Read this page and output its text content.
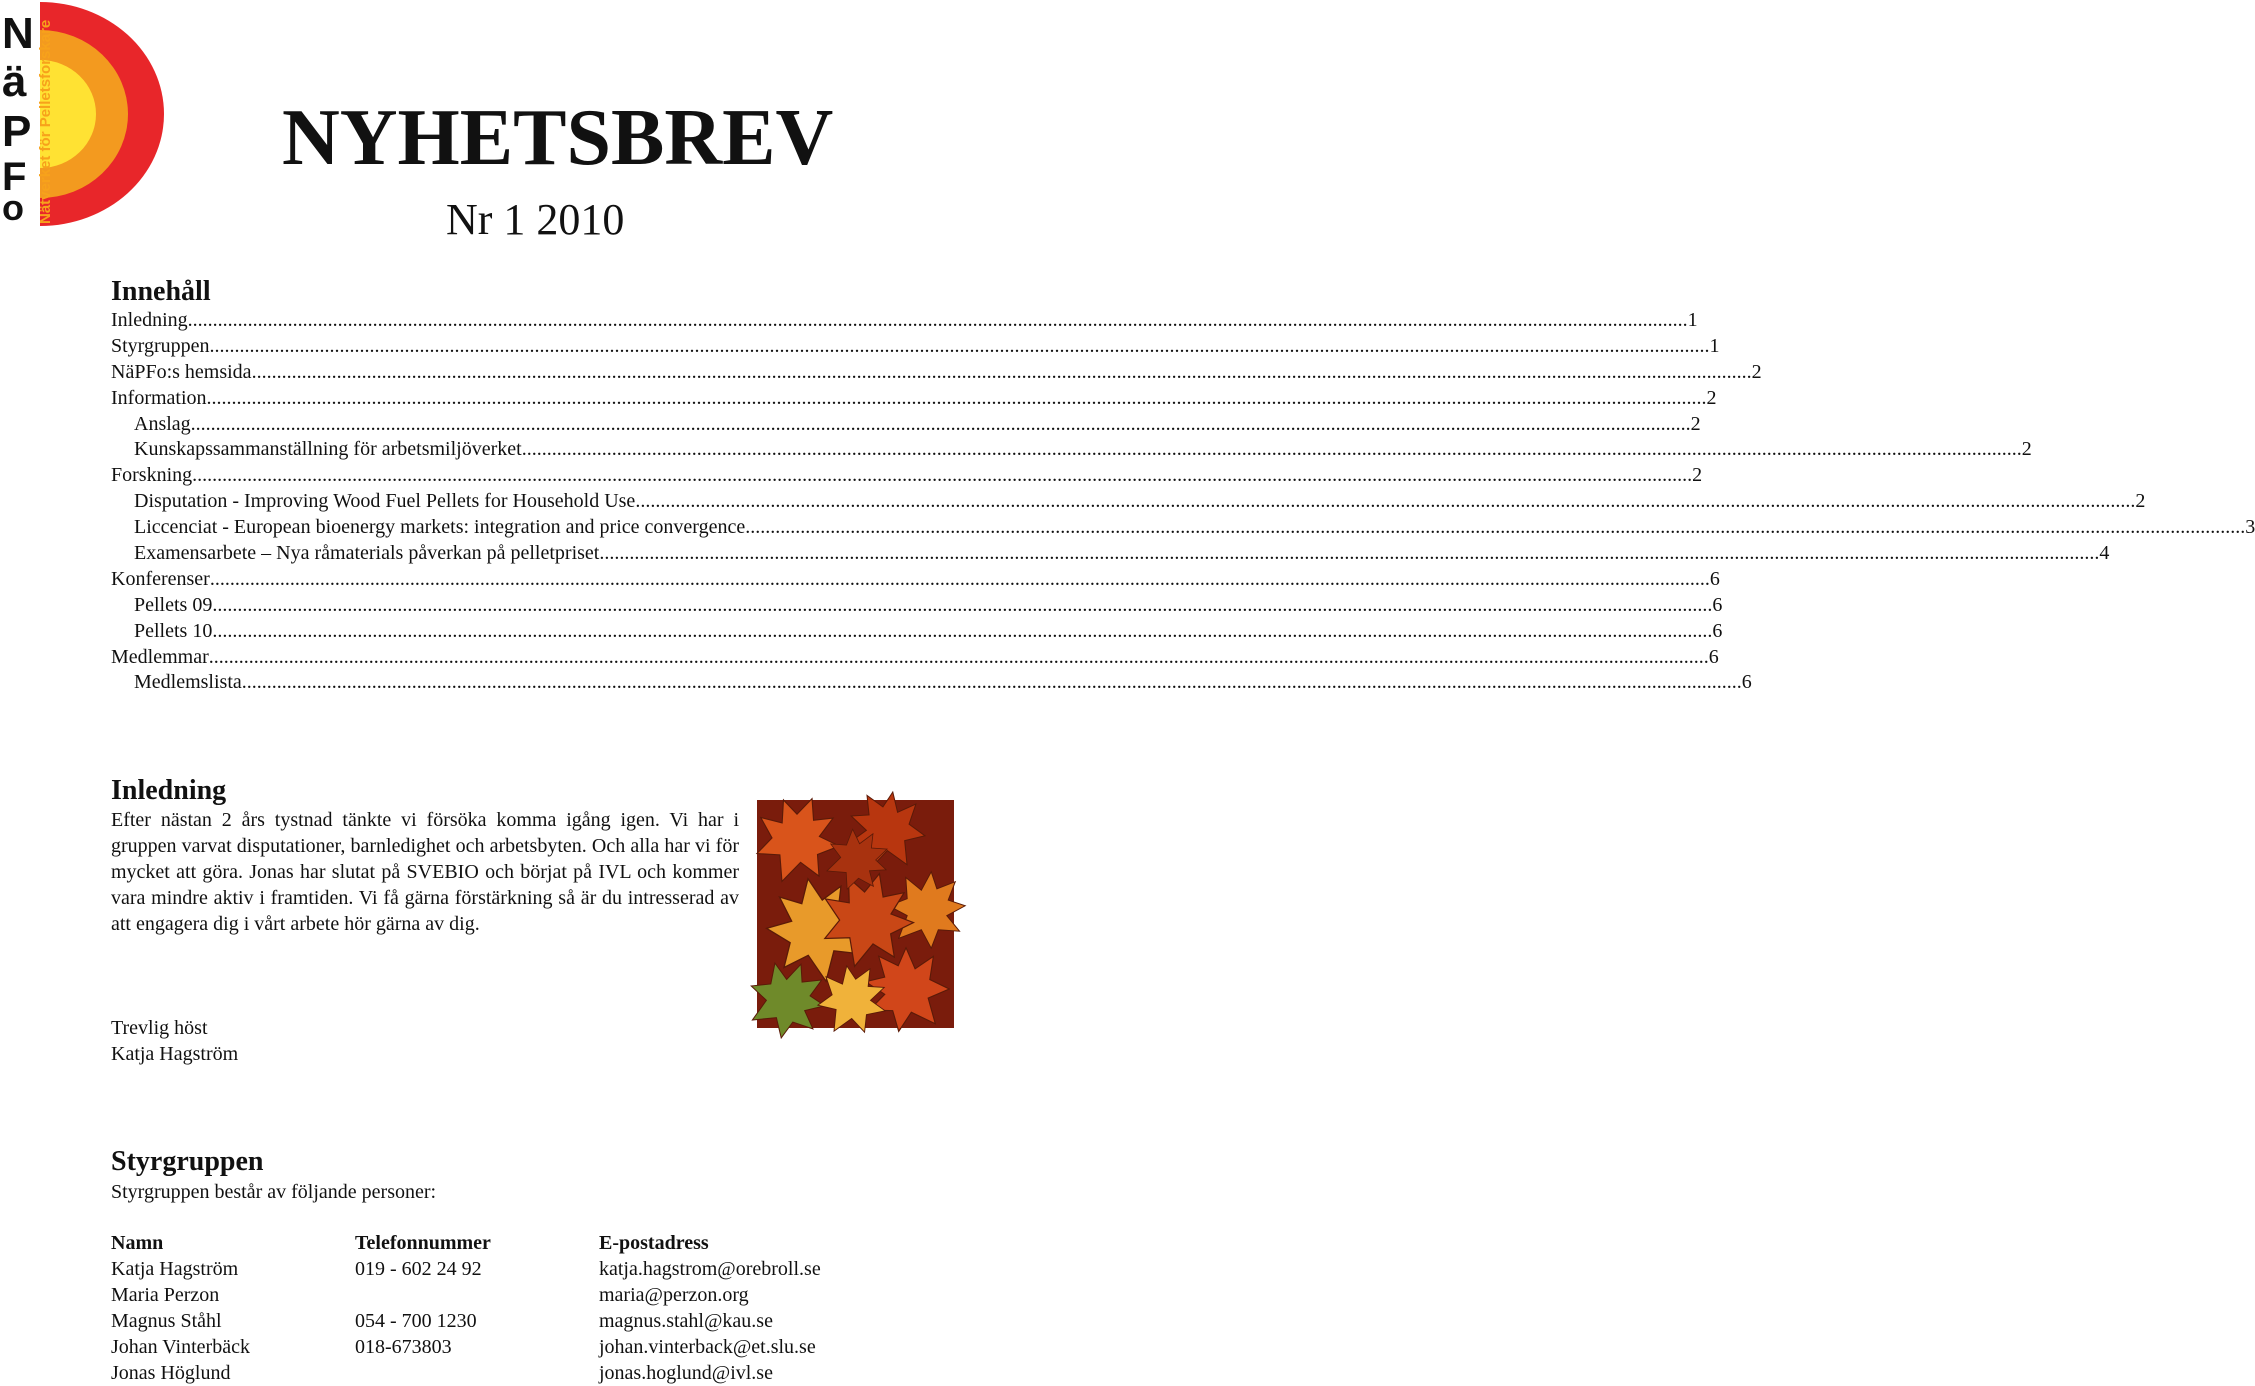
N
ä
P
F
o Nätverket för Pelletsforskare	NYHETSBREV
Nr 1 2010
Innehåll
Inledning ............................................................................................................................................................................................................................................................................................................ 1
Styrgruppen ............................................................................................................................................................................................................................................................................................................ 1
NäPFo:s hemsida ............................................................................................................................................................................................................................................................................................................ 2
Information ............................................................................................................................................................................................................................................................................................................ 2
Anslag ............................................................................................................................................................................................................................................................................................................ 2
Kunskapssammanställning för arbetsmiljöverket ............................................................................................................................................................................................................................................................................................................ 2
Forskning ............................................................................................................................................................................................................................................................................................................ 2
Disputation - Improving Wood Fuel Pellets for Household Use ............................................................................................................................................................................................................................................................................................................ 2
Liccenciat - European bioenergy markets: integration and price convergence ............................................................................................................................................................................................................................................................................................................ 3
Examensarbete – Nya råmaterials påverkan på pelletpriset ............................................................................................................................................................................................................................................................................................................ 4
Konferenser ............................................................................................................................................................................................................................................................................................................ 6
Pellets 09 ............................................................................................................................................................................................................................................................................................................ 6
Pellets 10 ............................................................................................................................................................................................................................................................................................................ 6
Medlemmar ............................................................................................................................................................................................................................................................................................................ 6
Medlemslista ............................................................................................................................................................................................................................................................................................................ 6
Inledning

Efter nästan 2 års tystnad tänkte vi försöka komma igång igen. Vi har i gruppen varvat disputationer, barnledighet och arbetsbyten. Och alla har vi för mycket att göra. Jonas har slutat på SVEBIO och börjat på IVL och kommer vara mindre aktiv i framtiden. Vi få gärna förstärkning så är du intresserad av att engagera dig i vårt arbete hör gärna av dig.

Trevlig höst
Katja Hagström
Styrgruppen

Styrgruppen består av följande personer:

Namn	Telefonnummer	E-postadress
Katja Hagström	019 - 602 24 92	katja.hagstrom@orebroll.se
Maria Perzon		maria@perzon.org
Magnus Ståhl	054 - 700 1230	magnus.stahl@kau.se
Johan Vinterbäck	018-673803	johan.vinterback@et.slu.se
Jonas Höglund		jonas.hoglund@ivl.se
